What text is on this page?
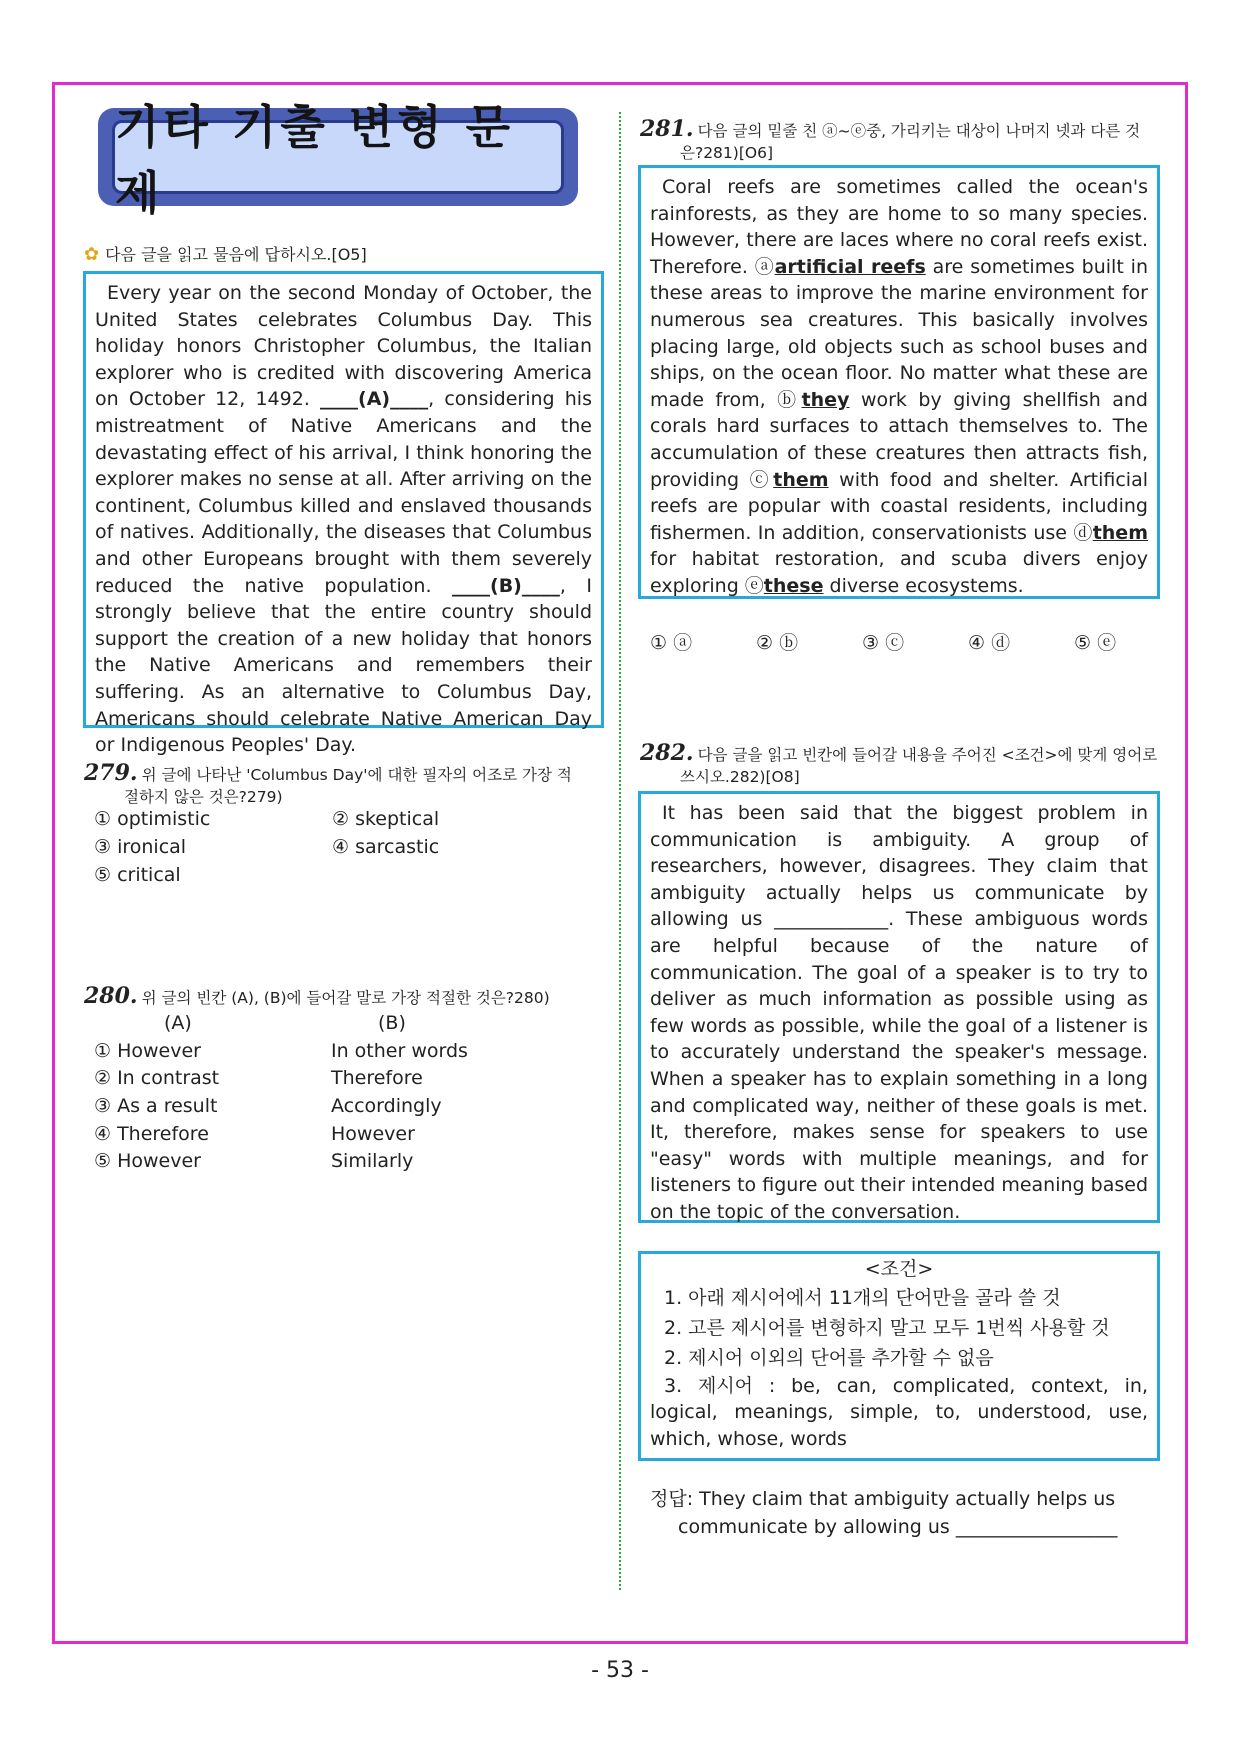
기타 기출 변형 문제
✿ 다음 글을 읽고 물음에 답하시오.[O5]

Every year on the second Monday of October, the United States celebrates Columbus Day. This holiday honors Christopher Columbus, the Italian explorer who is credited with discovering America on October 12, 1492. ____(A)____, considering his mistreatment of Native Americans and the devastating effect of his arrival, I think honoring the explorer makes no sense at all. After arriving on the continent, Columbus killed and enslaved thousands of natives. Additionally, the diseases that Columbus and other Europeans brought with them severely reduced the native population. ____(B)____, I strongly believe that the entire country should support the creation of a new holiday that honors the Native Americans and remembers their suffering. As an alternative to Columbus Day, Americans should celebrate Native American Day or Indigenous Peoples' Day.

279. 위 글에 나타난 'Columbus Day'에 대한 필자의 어조로 가장 적
절하지 않은 것은?279)
① optimistic	② skeptical
③ ironical	④ sarcastic
⑤ critical
280. 위 글의 빈칸 (A), (B)에 들어갈 말로 가장 적절한 것은?280)
(A)	(B)
① However	In other words
② In contrast	Therefore
③ As a result	Accordingly
④ Therefore	However
⑤ However	Similarly
281. 다음 글의 밑줄 친 ⓐ~ⓔ중, 가리키는 대상이 나머지 넷과 다른 것
은?281)[O6]

Coral reefs are sometimes called the ocean's rainforests, as they are home to so many species. However, there are laces where no coral reefs exist. Therefore. ⓐartificial reefs are sometimes built in these areas to improve the marine environment for numerous sea creatures. This basically involves placing large, old objects such as school buses and ships, on the ocean floor. No matter what these are made from, ⓑthey work by giving shellfish and corals hard surfaces to attach themselves to. The accumulation of these creatures then attracts fish, providing ⓒthem with food and shelter. Artificial reefs are popular with coastal residents, including fishermen. In addition, conservationists use ⓓthem for habitat restoration, and scuba divers enjoy exploring ⓔthese diverse ecosystems.

① ⓐ	② ⓑ	③ ⓒ	④ ⓓ	⑤ ⓔ
282. 다음 글을 읽고 빈칸에 들어갈 내용을 주어진 <조건>에 맞게 영어로
쓰시오.282)[O8]

It has been said that the biggest problem in communication is ambiguity. A group of researchers, however, disagrees. They claim that ambiguity actually helps us communicate by allowing us ____________. These ambiguous words are helpful because of the nature of communication. The goal of a speaker is to try to deliver as much information as possible using as few words as possible, while the goal of a listener is to accurately understand the speaker's message. When a speaker has to explain something in a long and complicated way, neither of these goals is met. It, therefore, makes sense for speakers to use "easy" words with multiple meanings, and for listeners to figure out their intended meaning based on the topic of the conversation.

<조건>
1. 아래 제시어에서 11개의 단어만을 골라 쓸 것
2. 고른 제시어를 변형하지 말고 모두 1번씩 사용할 것
2. 제시어 이외의 단어를 추가할 수 없음

3. 제시어 : be, can, complicated, context, in, logical, meanings, simple, to, understood, use, which, whose, words

정답: They claim that ambiguity actually helps us
communicate by allowing us _________________
- 53 -
